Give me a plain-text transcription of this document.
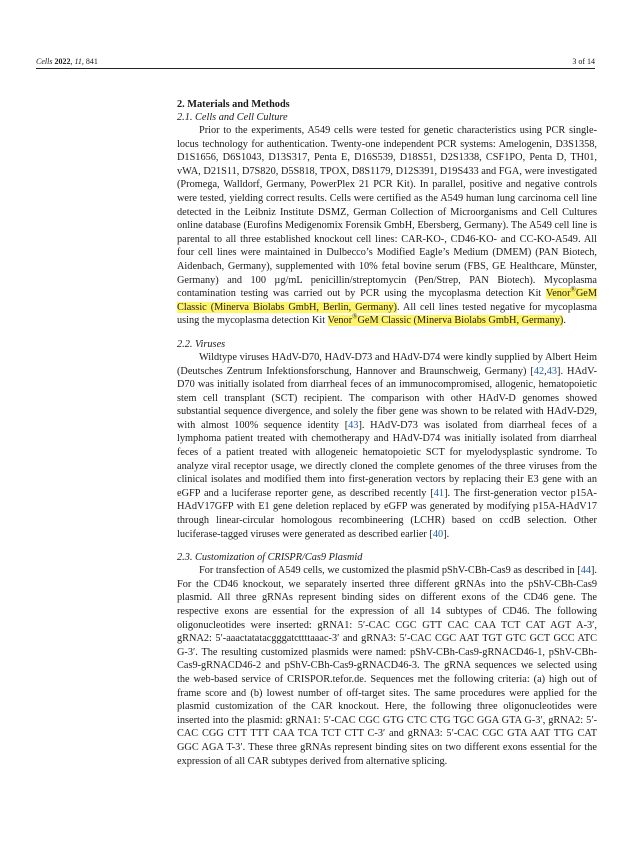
Cells 2022, 11, 841	3 of 14
2. Materials and Methods
2.1. Cells and Cell Culture

Prior to the experiments, A549 cells were tested for genetic characteristics using PCR single-locus technology for authentication. Twenty-one independent PCR systems: Amelogenin, D3S1358, D1S1656, D6S1043, D13S317, Penta E, D16S539, D18S51, D2S1338, CSF1PO, Penta D, TH01, vWA, D21S11, D7S820, D5S818, TPOX, D8S1179, D12S391, D19S433 and FGA, were investigated (Promega, Walldorf, Germany, PowerPlex 21 PCR Kit). In parallel, positive and negative controls were tested, yielding correct results. Cells were certified as the A549 human lung carcinoma cell line detected in the Leibniz Institute DSMZ, German Collection of Microorganisms and Cell Cultures online database (Eurofins Medigenomix Forensik GmbH, Ebersberg, Germany). The A549 cell line is parental to all three established knockout cell lines: CAR-KO-, CD46-KO- and CC-KO-A549. All four cell lines were maintained in Dulbecco’s Modified Eagle’s Medium (DMEM) (PAN Biotech, Aidenbach, Germany), supplemented with 10% fetal bovine serum (FBS, GE Healthcare, Münster, Germany) and 100 µg/mL penicillin/streptomycin (Pen/Strep, PAN Biotech). Mycoplasma contamination testing was carried out by PCR using the mycoplasma detection Kit Venor®GeM Classic (Minerva Biolabs GmbH, Berlin, Germany). All cell lines tested negative for mycoplasma using the mycoplasma detection Kit Venor®GeM Classic (Minerva Biolabs GmbH, Germany).

2.2. Viruses

Wildtype viruses HAdV-D70, HAdV-D73 and HAdV-D74 were kindly supplied by Albert Heim (Deutsches Zentrum Infektionsforschung, Hannover and Braunschweig, Germany) [42,43]. HAdV-D70 was initially isolated from diarrheal feces of an immunocompromised, allogenic, hematopoietic stem cell transplant (SCT) recipient. The comparison with other HAdV-D genomes showed substantial sequence divergence, and solely the fiber gene was shown to be related with HAdV-D29, with almost 100% sequence identity [43]. HAdV-D73 was isolated from diarrheal feces of a lymphoma patient treated with chemotherapy and HAdV-D74 was initially isolated from diarrheal feces of a patient treated with allogeneic hematopoietic SCT for myelodysplastic syndrome. To analyze viral receptor usage, we directly cloned the complete genomes of the three viruses from the clinical isolates and modified them into first-generation vectors by replacing their E3 gene with an eGFP and a luciferase reporter gene, as described recently [41]. The first-generation vector p15A-HAdV17GFP with E1 gene deletion replaced by eGFP was generated by modifying p15A-HAdV17 through linear-circular homologous recombineering (LCHR) based on ccdB selection. Other luciferase-tagged viruses were generated as described earlier [40].

2.3. Customization of CRISPR/Cas9 Plasmid

For transfection of A549 cells, we customized the plasmid pShV-CBh-Cas9 as described in [44]. For the CD46 knockout, we separately inserted three different gRNAs into the pShV-CBh-Cas9 plasmid. All three gRNAs represent binding sides on different exons of the CD46 gene. The respective exons are essential for the expression of all 14 subtypes of CD46. The following oligonucleotides were inserted: gRNA1: 5′-CAC CGC GTT CAC CAA TCT CAT AGT A-3′, gRNA2: 5′-aaactatatacgggatcttttaaac-3′ and gRNA3: 5′-CAC CGC AAT TGT GTC GCT GCC ATC G-3′. The resulting customized plasmids were named: pShV-CBh-Cas9-gRNACD46-1, pShV-CBh-Cas9-gRNACD46-2 and pShV-CBh-Cas9-gRNACD46-3. The gRNA sequences we selected using the web-based service of CRISPOR.tefor.de. Sequences met the following criteria: (a) high out of frame score and (b) lowest number of off-target sites. The same procedures were applied for the plasmid customization of the CAR knockout. Here, the following three oligonucleotides were inserted into the plasmid: gRNA1: 5′-CAC CGC GTG CTC CTG TGC GGA GTA G-3′, gRNA2: 5′-CAC CGG CTT TTT CAA TCA TCT CTT C-3′ and gRNA3: 5′-CAC CGC GTA AAT TTG CAT GGC AGA T-3′. These three gRNAs represent binding sites on two different exons essential for the expression of all CAR subtypes derived from alternative splicing.
